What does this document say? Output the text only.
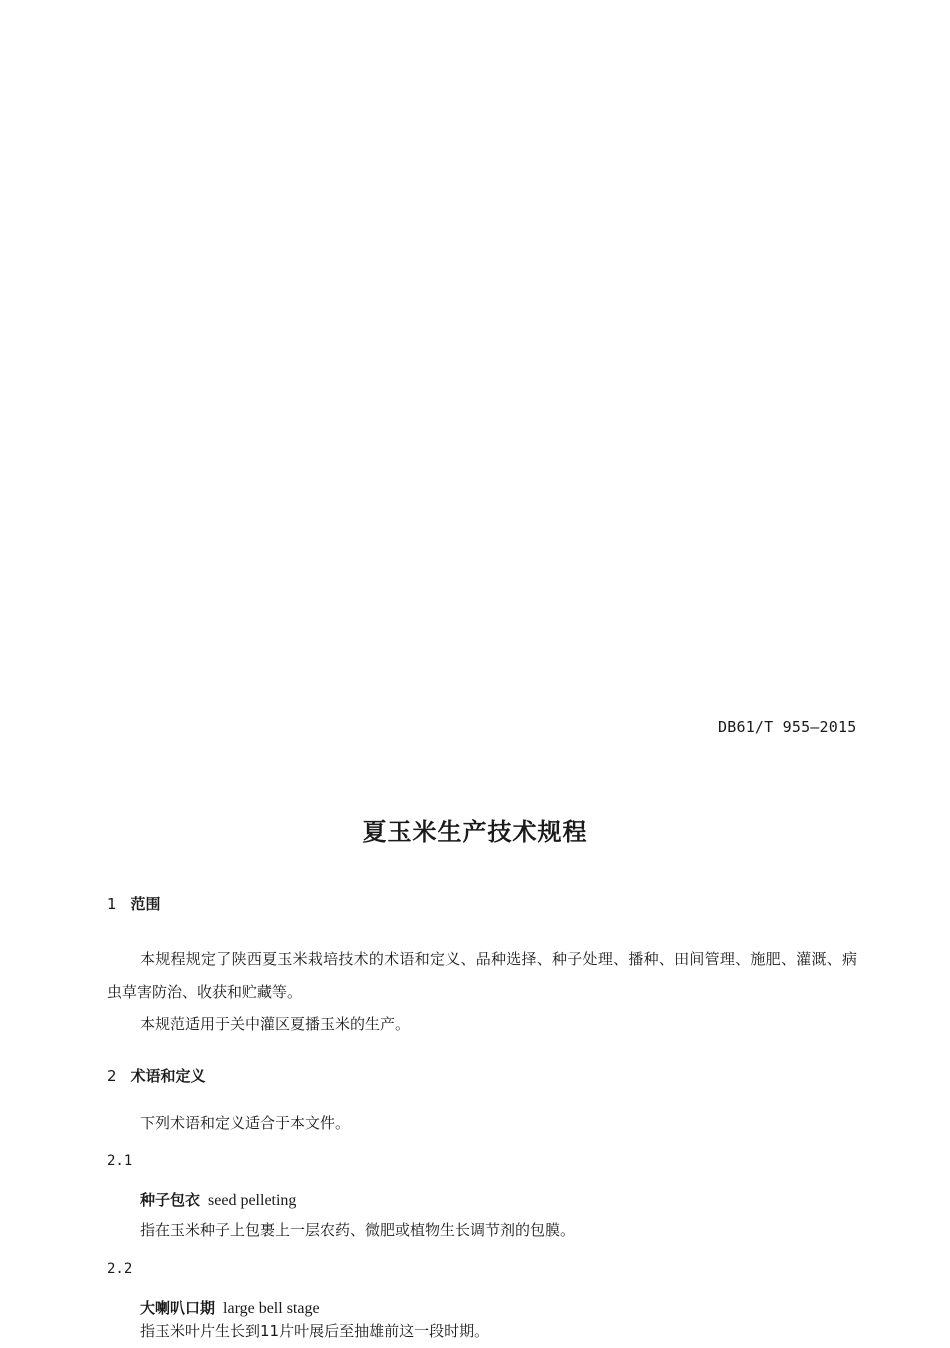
DB61/T 955—2015
夏玉米生产技术规程
1 范围
本规程规定了陕西夏玉米栽培技术的术语和定义、品种选择、种子处理、播种、田间管理、施肥、灌溉、病虫草害防治、收获和贮藏等。
本规范适用于关中灌区夏播玉米的生产。
2 术语和定义
下列术语和定义适合于本文件。
2.1
种子包衣 seed pelleting
指在玉米种子上包裹上一层农药、微肥或植物生长调节剂的包膜。
2.2
大喇叭口期 large bell stage
指玉米叶片生长到11片叶展后至抽雄前这一段时期。
